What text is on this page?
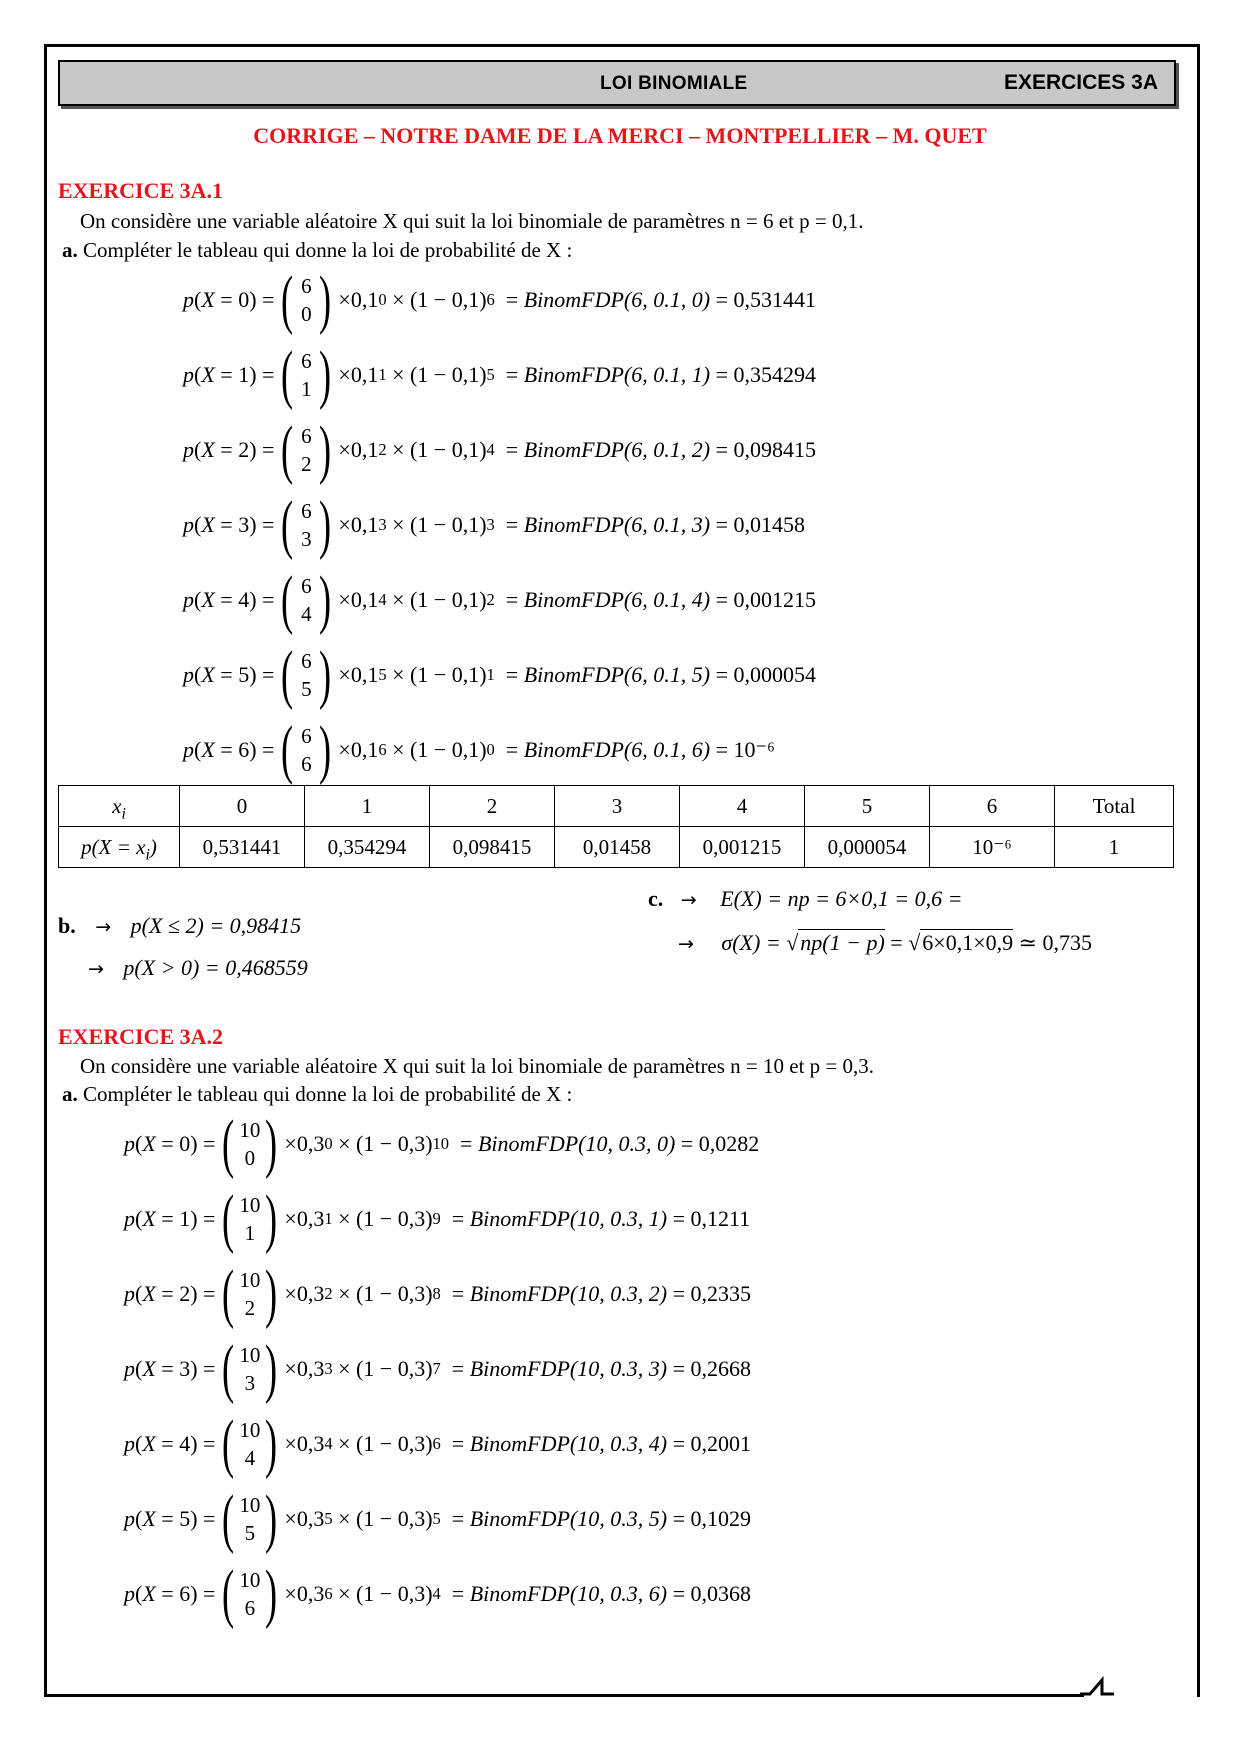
LOI BINOMIALE	EXERCICES 3A
CORRIGE – NOTRE DAME DE LA MERCI – MONTPELLIER – M. QUET
EXERCICE 3A.1
On considère une variable aléatoire X qui suit la loi binomiale de paramètres n = 6 et p = 0,1.
a. Compléter le tableau qui donne la loi de probabilité de X :
p ( X = 0 ) = ( 6
0 ) × 0,1 0 × (1 − 0,1 ) 6 = BinomFDP(6, 0.1, 0) = 0,531441
p ( X = 1 ) = ( 6
1 ) × 0,1 1 × (1 − 0,1 ) 5 = BinomFDP(6, 0.1, 1) = 0,354294
p ( X = 2 ) = ( 6
2 ) × 0,1 2 × (1 − 0,1 ) 4 = BinomFDP(6, 0.1, 2) = 0,098415
p ( X = 3 ) = ( 6
3 ) × 0,1 3 × (1 − 0,1 ) 3 = BinomFDP(6, 0.1, 3) = 0,01458
p ( X = 4 ) = ( 6
4 ) × 0,1 4 × (1 − 0,1 ) 2 = BinomFDP(6, 0.1, 4) = 0,001215
p ( X = 5 ) = ( 6
5 ) × 0,1 5 × (1 − 0,1 ) 1 = BinomFDP(6, 0.1, 5) = 0,000054
p ( X = 6 ) = ( 6
6 ) × 0,1 6 × (1 − 0,1 ) 0 = BinomFDP(6, 0.1, 6) = 10⁻⁶
$x_i$	0	1	2	3	4	5	6	Total
$p(X = x_i)$	0,531441	0,354294	0,098415	0,01458	0,001215	0,000054	10⁻⁶	1
b. → p(X ≤ 2) = 0,98415
→ p(X > 0) = 0,468559
c. → E(X) = np = 6×0,1 = 0,6 =
→ σ(X) = √np(1 − p) = √6×0,1×0,9 ≃ 0,735
EXERCICE 3A.2
On considère une variable aléatoire X qui suit la loi binomiale de paramètres n = 10 et p = 0,3.
a. Compléter le tableau qui donne la loi de probabilité de X :
p ( X = 0 ) = ( 10
0 ) × 0,3 0 × (1 − 0,3 ) 10 = BinomFDP(10, 0.3, 0) = 0,0282
p ( X = 1 ) = ( 10
1 ) × 0,3 1 × (1 − 0,3 ) 9 = BinomFDP(10, 0.3, 1) = 0,1211
p ( X = 2 ) = ( 10
2 ) × 0,3 2 × (1 − 0,3 ) 8 = BinomFDP(10, 0.3, 2) = 0,2335
p ( X = 3 ) = ( 10
3 ) × 0,3 3 × (1 − 0,3 ) 7 = BinomFDP(10, 0.3, 3) = 0,2668
p ( X = 4 ) = ( 10
4 ) × 0,3 4 × (1 − 0,3 ) 6 = BinomFDP(10, 0.3, 4) = 0,2001
p ( X = 5 ) = ( 10
5 ) × 0,3 5 × (1 − 0,3 ) 5 = BinomFDP(10, 0.3, 5) = 0,1029
p ( X = 6 ) = ( 10
6 ) × 0,3 6 × (1 − 0,3 ) 4 = BinomFDP(10, 0.3, 6) = 0,0368
